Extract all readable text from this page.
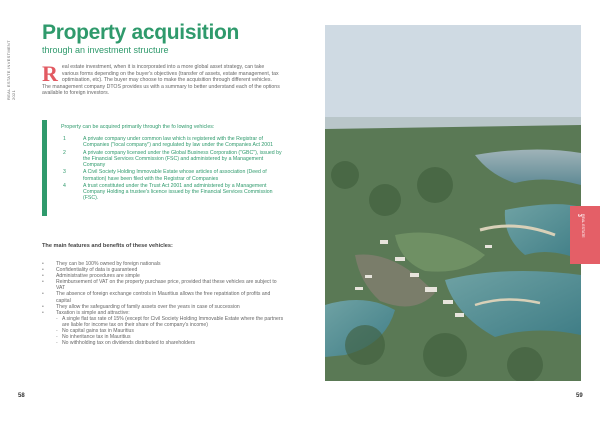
REAL ESTATE INVESTMENT 2021
Property acquisition
through an investment structure
Real estate investment, when it is incorporated into a more global asset strategy, can take various forms depending on the buyer's objectives (transfer of assets, estate management, tax optimisation, etc). The buyer may choose to make the acquisition through different vehicles. The management company DTOS provides us with a summary to better understand each of the options available to foreign investors.
Property can be acquired primarily through the fo lowing vehicles:
1	A private company under common law which is registered with the Registrar of Companies ("local company") and regulated by law under the Companies Act 2001
2	A private company licensed under the Global Business Corporation ("GBC"), issued by the Financial Services Commission (FSC) and administered by a Management Company
3	A Civil Society Holding Immovable Estate whose articles of association (Deed of formation) have been filed with the Registrar of Companies
4	A trust constituted under the Trust Act 2001 and administered by a Management Company Holding a trustee's licence issued by the Financial Services Commission (FSC).
The main features and benefits of these vehicles:
• They can be 100% owned by foreign nationals
• Confidentiality of data is guaranteed
• Administrative procedures are simple
• Reimbursement of VAT on the property purchase price, provided that these vehicles are subject to VAT
• The absence of foreign exchange controls in Mauritius allows the free repatriation of profits and capital
• They allow the safeguarding of family assets over the years in case of succession
• Taxation is simple and attractive:
- A single flat tax rate of 15% (except for Civil Society Holding Immovable Estate where the partners are liable for income tax on their share of the company's income)
- No capital gains tax in Mauritius
- No inheritance tax in Mauritius
- No withholding tax on dividends distributed to shareholders
58
3 REAL ESTATE
59
